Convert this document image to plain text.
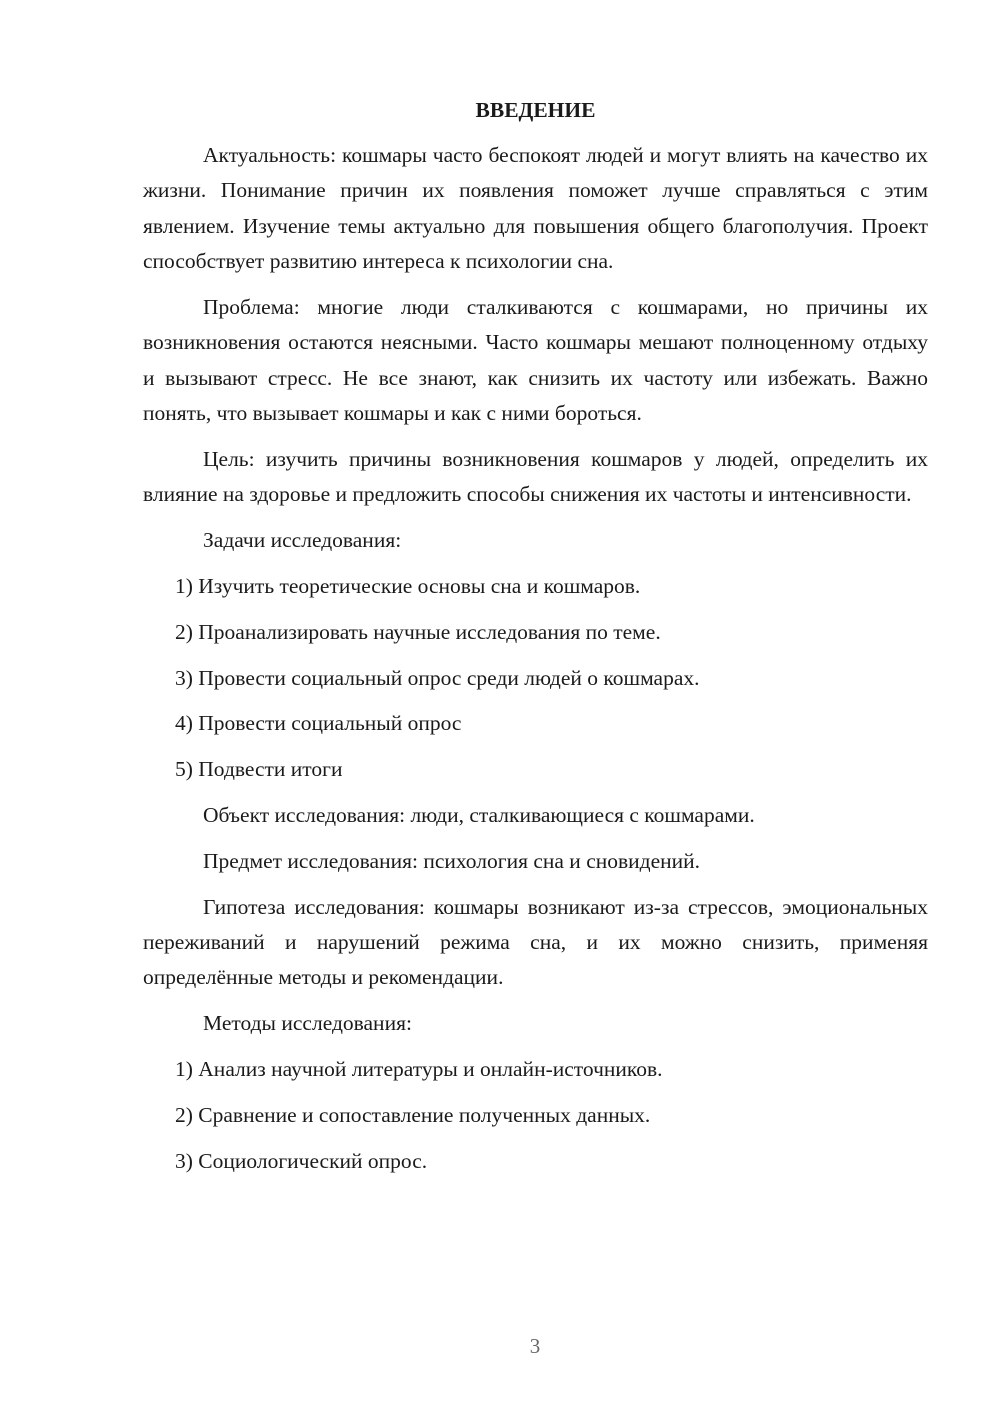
ВВЕДЕНИЕ

Актуальность: кошмары часто беспокоят людей и могут влиять на качество их жизни. Понимание причин их появления поможет лучше справляться с этим явлением. Изучение темы актуально для повышения общего благополучия. Проект способствует развитию интереса к психологии сна.

Проблема: многие люди сталкиваются с кошмарами, но причины их возникновения остаются неясными. Часто кошмары мешают полноценному отдыху и вызывают стресс. Не все знают, как снизить их частоту или избежать. Важно понять, что вызывает кошмары и как с ними бороться.

Цель: изучить причины возникновения кошмаров у людей, определить их влияние на здоровье и предложить способы снижения их частоты и интенсивности.

Задачи исследования:

1) Изучить теоретические основы сна и кошмаров.

2) Проанализировать научные исследования по теме.

3) Провести социальный опрос среди людей о кошмарах.

4) Провести социальный опрос

5) Подвести итоги

Объект исследования: люди, сталкивающиеся с кошмарами.

Предмет исследования: психология сна и сновидений.

Гипотеза исследования: кошмары возникают из-за стрессов, эмоциональных переживаний и нарушений режима сна, и их можно снизить, применяя определённые методы и рекомендации.

Методы исследования:

1) Анализ научной литературы и онлайн-источников.

2) Сравнение и сопоставление полученных данных.

3) Социологический опрос.

3
